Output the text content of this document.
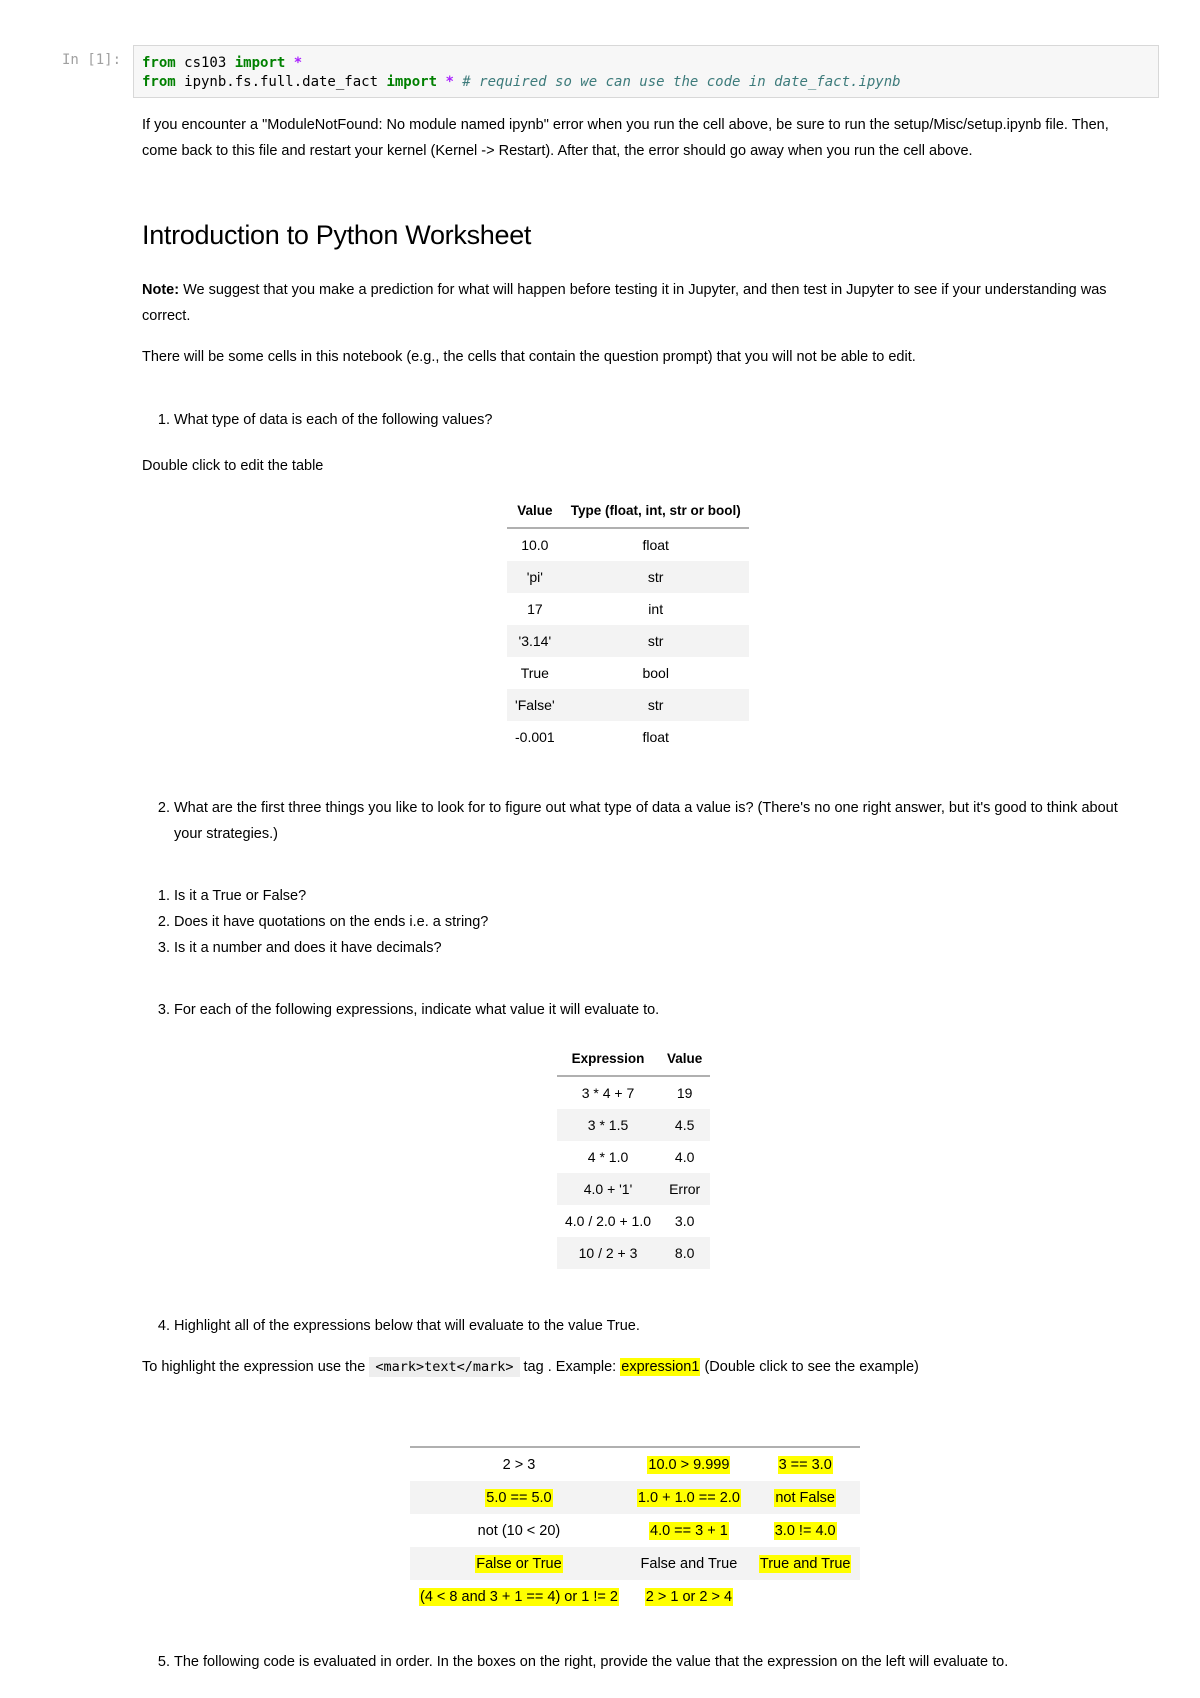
In [1]:	from cs103 import *
from ipynb.fs.full.date_fact import * # required so we can use the code in date_fact.ipynb
If you encounter a "ModuleNotFound: No module named ipynb" error when you run the cell above, be sure to run the setup/Misc/setup.ipynb file. Then, come back to this file and restart your kernel (Kernel -> Restart). After that, the error should go away when you run the cell above.
Introduction to Python Worksheet
Note: We suggest that you make a prediction for what will happen before testing it in Jupyter, and then test in Jupyter to see if your understanding was correct.
There will be some cells in this notebook (e.g., the cells that contain the question prompt) that you will not be able to edit.
1. What type of data is each of the following values?
Double click to edit the table
Value	Type (float, int, str or bool)
10.0	float
'pi'	str
17	int
'3.14'	str
True	bool
'False'	str
-0.001	float
2. What are the first three things you like to look for to figure out what type of data a value is? (There's no one right answer, but it's good to think about your strategies.)
1. Is it a True or False?
2. Does it have quotations on the ends i.e. a string?
3. Is it a number and does it have decimals?
3. For each of the following expressions, indicate what value it will evaluate to.
Expression	Value
3 * 4 + 7	19
3 * 1.5	4.5
4 * 1.0	4.0
4.0 + '1'	Error
4.0 / 2.0 + 1.0	3.0
10 / 2 + 3	8.0
4. Highlight all of the expressions below that will evaluate to the value True.
To highlight the expression use the <mark>text</mark> tag . Example: expression1 (Double click to see the example)
2 > 3	10.0 > 9.999	3 == 3.0
5.0 == 5.0	1.0 + 1.0 == 2.0	not False
not (10 < 20)	4.0 == 3 + 1	3.0 != 4.0
False or True	False and True	True and True
(4 < 8 and 3 + 1 == 4) or 1 != 2	2 > 1 or 2 > 4	
5. The following code is evaluated in order. In the boxes on the right, provide the value that the expression on the left will evaluate to.
